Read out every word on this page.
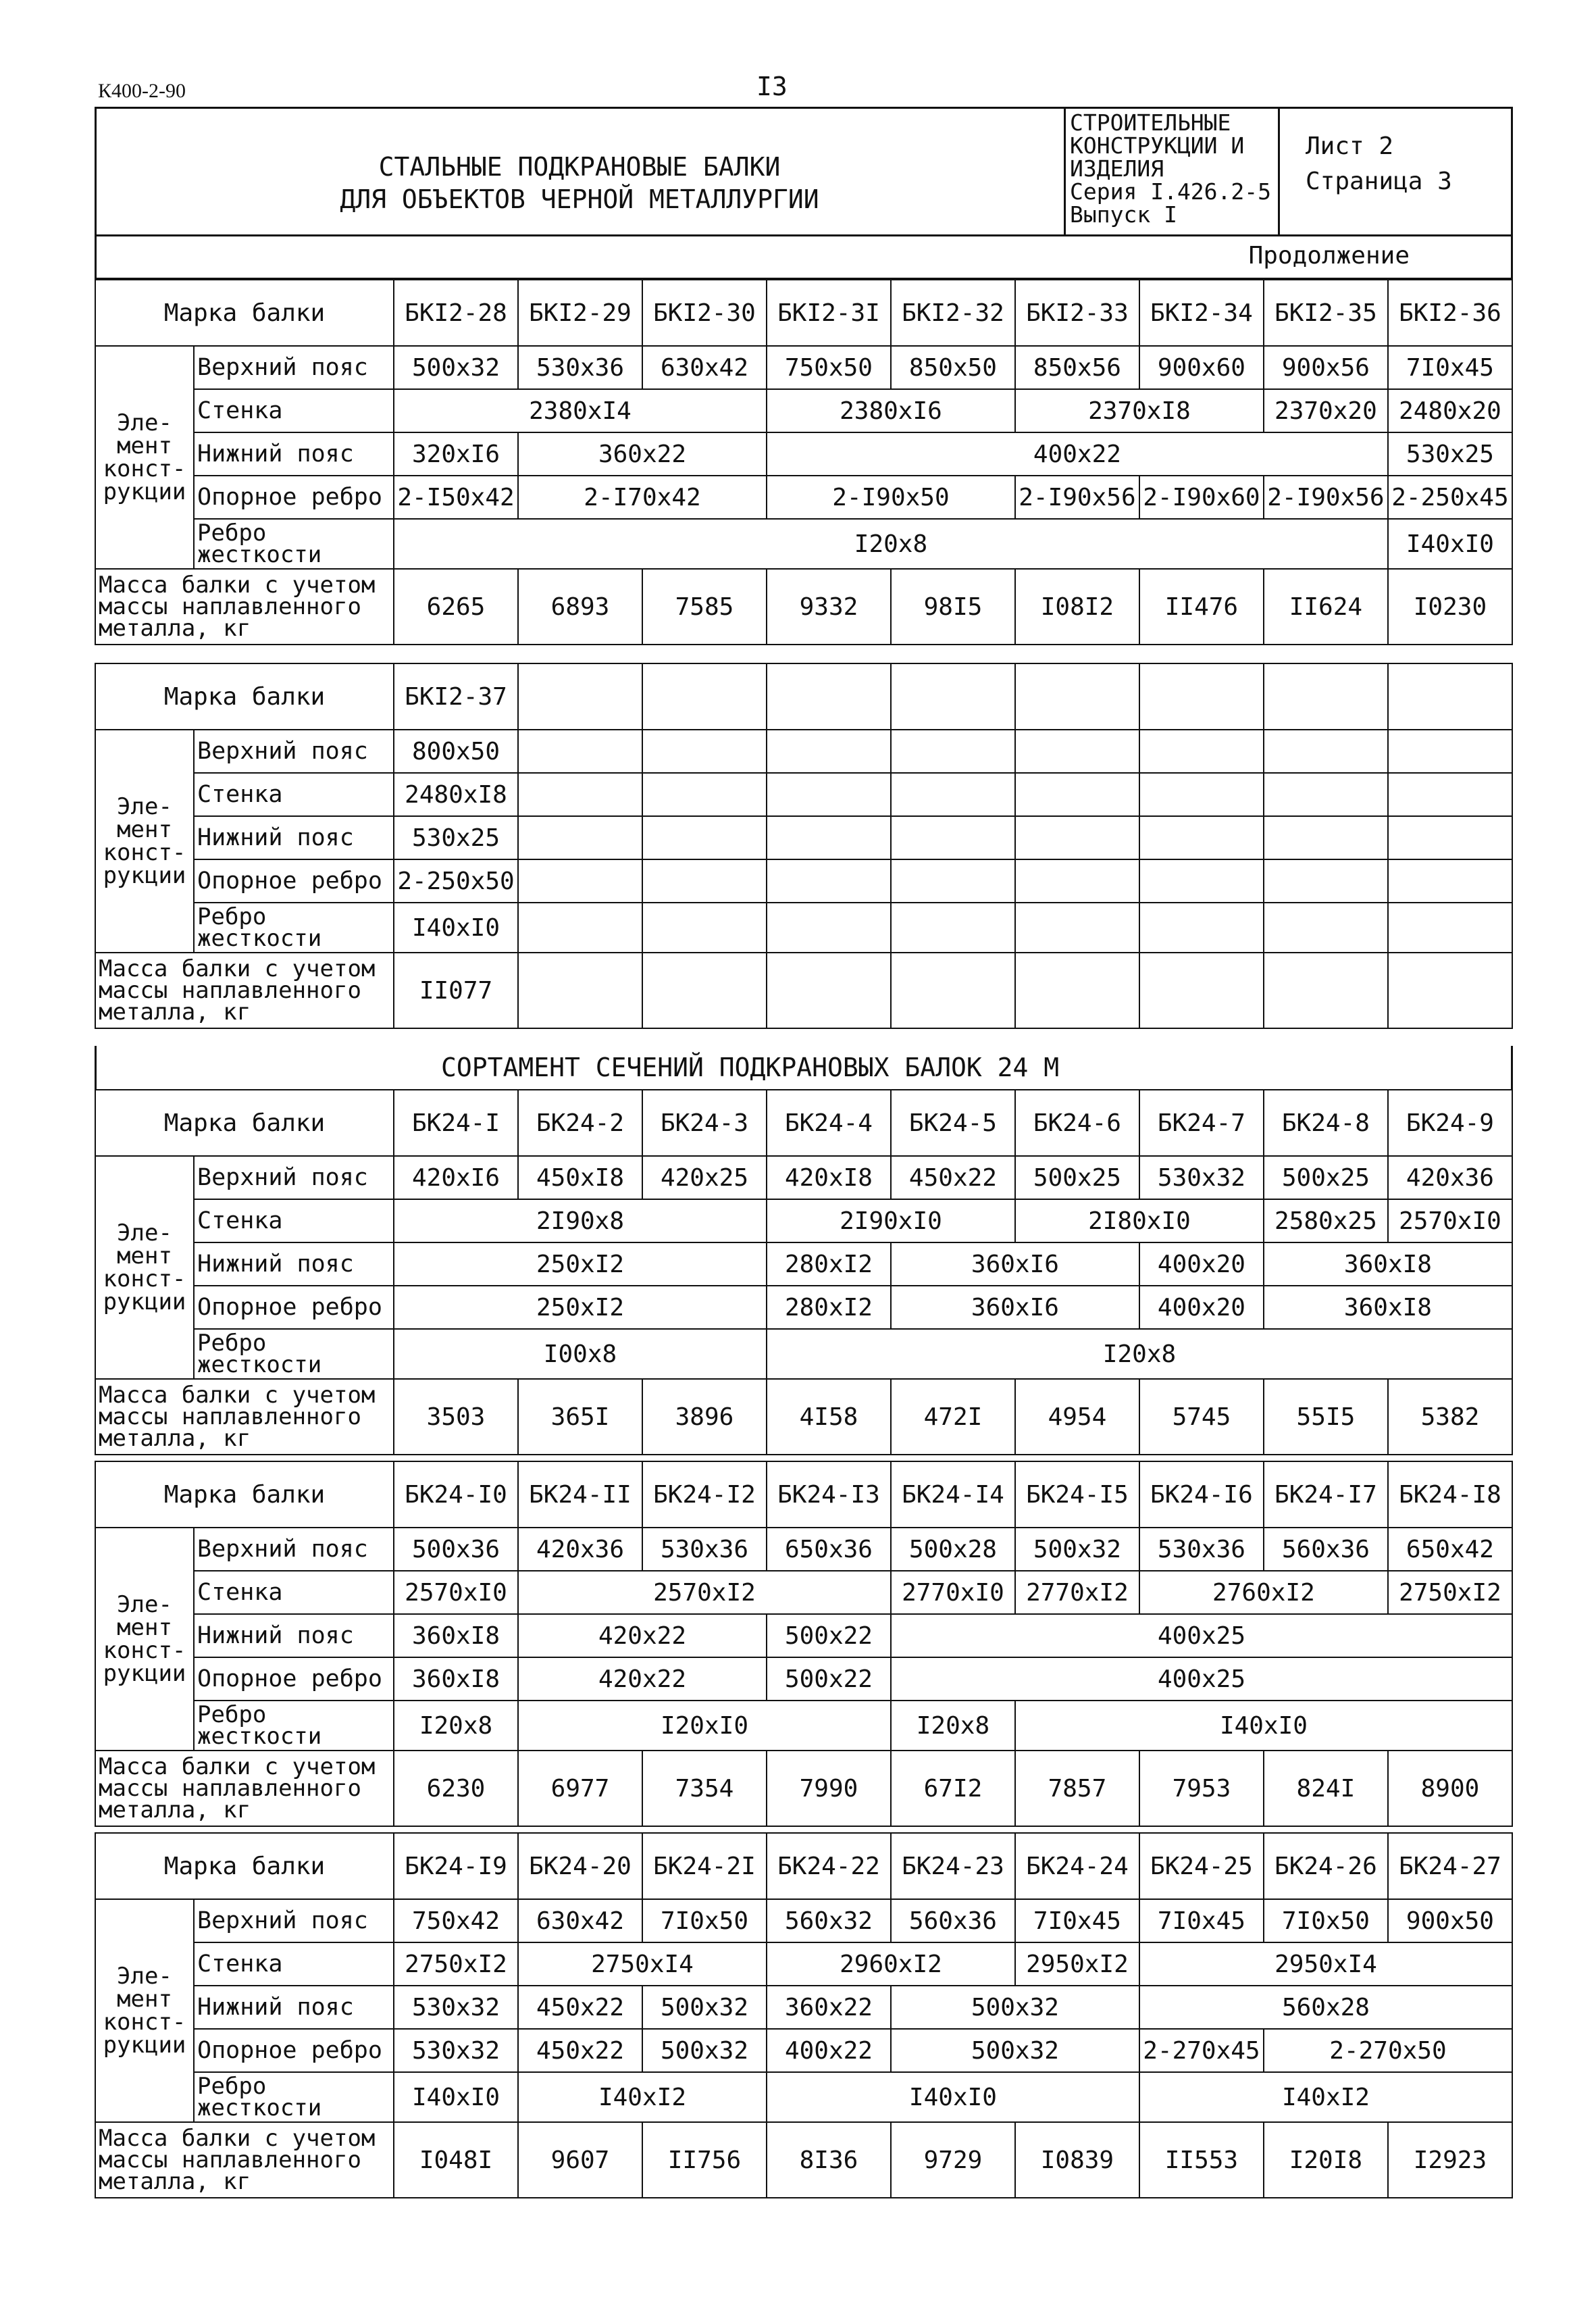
К400-2-90	I3
СТАЛЬНЫЕ ПОДКРАНОВЫЕ БАЛКИ
ДЛЯ ОБЪЕКТОВ ЧЕРНОЙ МЕТАЛЛУРГИИ
СТРОИТЕЛЬНЫЕ
КОНСТРУКЦИИ И
ИЗДЕЛИЯ
Серия I.426.2-5
Выпуск I
Лист 2
Страница 3
Продолжение
Марка балки		БКI2-28	БКI2-29	БКI2-30	БКI2-3I	БКI2-32	БКI2-33	БКI2-34	БКI2-35	БКI2-36
Эле- мент конст- рукции	Верхний пояс	500x32	530x36	630x42	750x50	850x50	850x56	900x60	900x56	7I0x45
	Стенка	2380xI4			2380xI6		2370xI8		2370x20	2480x20
	Нижний пояс	320xI6	360x22		400x22					530x25
	Опорное ребро	2-I50x42	2-I70x42		2-I90x50		2-I90x56	2-I90x60	2-I90x56	2-250x45
	Ребро жесткости	I20x8								I40xI0
Масса балки с учетом массы наплавленного металла, кг		6265	6893	7585	9332	98I5	I08I2	II476	II624	I0230
Марка балки		БКI2-37								
Эле- мент конст- рукции	Верхний пояс	800x50								
	Стенка	2480xI8								
	Нижний пояс	530x25								
	Опорное ребро	2-250x50								
	Ребро жесткости	I40xI0								
Масса балки с учетом массы наплавленного металла, кг		II077								
СОРТАМЕНТ СЕЧЕНИЙ ПОДКРАНОВЫХ БАЛОК 24 М
Марка балки		БК24-I	БК24-2	БК24-3	БК24-4	БК24-5	БК24-6	БК24-7	БК24-8	БК24-9
Эле- мент конст- рукции	Верхний пояс	420xI6	450xI8	420x25	420xI8	450x22	500x25	530x32	500x25	420x36
	Стенка	2I90x8			2I90xI0		2I80xI0		2580x25	2570xI0
	Нижний пояс	250xI2			280xI2	360xI6		400x20	360xI8	
	Опорное ребро	250xI2			280xI2	360xI6		400x20	360xI8	
	Ребро жесткости	I00x8			I20x8					
Масса балки с учетом массы наплавленного металла, кг		3503	365I	3896	4I58	472I	4954	5745	55I5	5382
Марка балки		БК24-I0	БК24-II	БК24-I2	БК24-I3	БК24-I4	БК24-I5	БК24-I6	БК24-I7	БК24-I8
Эле- мент конст- рукции	Верхний пояс	500x36	420x36	530x36	650x36	500x28	500x32	530x36	560x36	650x42
	Стенка	2570xI0	2570xI2			2770xI0	2770xI2	2760xI2		2750xI2
	Нижний пояс	360xI8	420x22		500x22	400x25				
	Опорное ребро	360xI8	420x22		500x22	400x25				
	Ребро жесткости	I20x8	I20xI0			I20x8	I40xI0			
Масса балки с учетом массы наплавленного металла, кг		6230	6977	7354	7990	67I2	7857	7953	824I	8900
Марка балки		БК24-I9	БК24-20	БК24-2I	БК24-22	БК24-23	БК24-24	БК24-25	БК24-26	БК24-27
Эле- мент конст- рукции	Верхний пояс	750x42	630x42	7I0x50	560x32	560x36	7I0x45	7I0x45	7I0x50	900x50
	Стенка	2750xI2	2750xI4		2960xI2		2950xI2	2950xI4		
	Нижний пояс	530x32	450x22	500x32	360x22	500x32		560x28		
	Опорное ребро	530x32	450x22	500x32	400x22	500x32		2-270x45	2-270x50	
	Ребро жесткости	I40xI0	I40xI2		I40xI0			I40xI2		
Масса балки с учетом массы наплавленного металла, кг		I048I	9607	II756	8I36	9729	I0839	II553	I20I8	I2923
